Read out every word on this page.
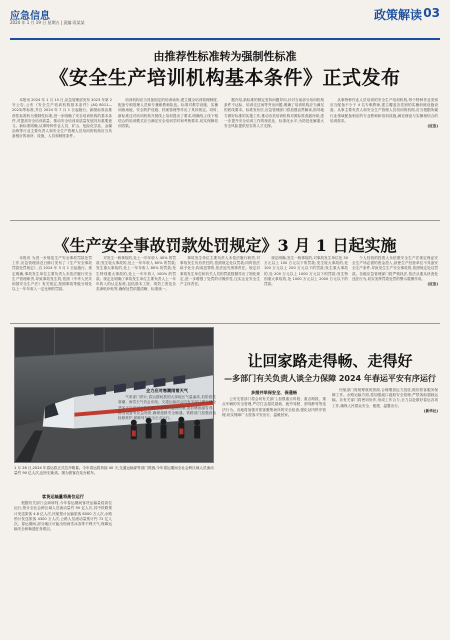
应急信息
2024 年 1 月 19 日 星期五 | 责编:袁某某
政策解读 03
由推荐性标准转为强制性标准
《安全生产培训机构基本条件》正式发布

本报讯 2024 年 1 月 15 日,应急管理部发布 2023 年第 2 号公告,公布《安全生产培训机构基本条件》(AQ 8011—2023)等标准,并自 2024 年 7 月 1 日起施行。新版标准由推荐性标准转为强制性标准,进一步明确了安全培训机构的基本条件,对提高安全培训质量、推动安全培训高质量发展具有重要意义。新标准明确,从事特种作业人员、矿山、危险化学品、金属冶炼等行业主要负责人和安全生产管理人员培训的机构应当具备相应的场所、设施、人员和制度条件。

培训机构应当具备固定的培训场所,建立健全培训管理制度,配备专职管理人员和专兼职教师队伍。标准对教学设施、实操训练场地、安全防护设施、档案管理等作出了具体规定。同时,新标准还对培训机构开展线上培训提出了要求,明确线上线下相结合的培训模式应当满足安全培训学时和考核要求,切实保障培训效果。

据介绍,新标准的制定坚持问题导向,针对当前部分培训机构条件不达标、培训走过场等突出问题,明确了培训机构应当满足的底线要求。标准发布后,应急管理部门将加强宣贯解读,指导地方做好标准的实施工作,推动各类培训机构对照标准查漏补缺,进一步提升安全培训工作的规范化、标准化水平,为防范化解重大安全风险提供坚实的人才支撑。

从事特种作业人员培训的安全生产培训机构,每个特种作业类别应当配备不少于 4 名专职教师,建立覆盖各类别的实操训练设施设备。从事主要负责人和安全生产管理人员培训的机构,应当根据所属行业领域配备相应的专业教师和培训设施,满足理论与实操相结合的培训需求。

(应急)

《生产安全事故罚款处罚规定》3 月 1 日起实施

本报讯 为进一步规范生产安全事故罚款处罚工作,应急管理部近日修订发布了《生产安全事故罚款处罚规定》,自 2024 年 3 月 1 日起施行。规定明确,事故发生单位主要负责人未依法履行安全生产管理职责,导致事故发生的,依照《中华人民共和国安全生产法》有关规定,按照事故等级分别处以上一年年收入一定比例的罚款。

对发生一般事故的,处上一年年收入 40% 的罚款;发生较大事故的,处上一年年收入 60% 的罚款;发生重大事故的,处上一年年收入 80% 的罚款;发生特别重大事故的,处上一年年收入 100% 的罚款。规定还明确了事故发生单位主要负责人上一年年收入的认定标准,包括基本工资、绩效工资及各类津贴补贴等,确保处罚依据清晰、标准统一。

事故发生单位主要负责人未依法履行职责,对事故发生负有责任的,依照规定处以罚款;同时依法给予处分,构成犯罪的,依法追究刑事责任。规定对事故发生单位和有关人员的罚款数额作出了细化规定,进一步增强了处罚的可操作性,压实企业安全生产主体责任。

规定明确,发生一般事故的,对事故发生单位处 30 万元以上 100 万元以下的罚款;发生较大事故的,处 100 万元以上 200 万元以下的罚款;发生重大事故的,处 200 万元以上 1000 万元以下的罚款;发生特别重大事故的,处 1000 万元以上 2000 万元以下的罚款。

个人经营的投资人未依照安全生产法规定保证安全生产所必需的资金投入,致使生产经营单位不具备安全生产条件,导致发生生产安全事故的,依照规定处以罚款。各级应急管理部门将严格执法,依法从重从快查处违法行为,切实发挥罚款处罚的警示震慑作用。

(应急)

让回家路走得畅、走得好
—多部门有关负责人谈全力保障 2024 年春运平安有序运行
1 月 26 日,2024 年春运将正式拉开帷幕。今年春运将持续 40 天,交通运输部等部门预测,今年春运期间全社会跨区域人员流动量约 90 亿人次,创历史新高。图为旅客在站台候车。

客货运输量将高位运行

根据有关部门会商研判,今年春运期间客货运输量将高位运行,预计全社会跨区域人员流动量约 90 亿人次,其中铁路预计发送旅客 4.8 亿人次,民航预计运输旅客 8000 万人次,水路预计发送旅客 4300 万人次,公路人员流动量预计约 72 亿人次。春运期间,部分地区可能出现雨雪冰冻等不利天气,保障运输安全和畅通任务艰巨。

全力应对寒潮雨雪天气

气象部门预计,春运期间我国大部地区气温偏高,但阶段性寒潮、雨雪天气仍会出现。交通运输部会同有关部门建立健全恶劣天气应对工作机制,加强路网监测预警,提前储备融雪剂、除雪设备等应急物资,确保道路安全畅通。铁路部门加强设备检修养护,保障列车安全正点运行。

多措并举保安全、保通畅

公安交管部门将会同有关部门,加强重点时段、重点路段、重点车辆的安全管理,严厉打击超员超载、疲劳驾驶、酒驾醉驾等违法行为。各地将加强对旅客聚集场所的安全检查,强化站内秩序管理,切实保障广大旅客平安出行、温暖回家。

民航部门将统筹航班资源,合理增加运力投放,做好旅客服务保障工作。水路运输方面,将加强渡口渡船安全管理,严禁客船超载运输。各有关部门将密切协作,形成工作合力,全力以赴做好春运各项工作,确保人民群众安全、便捷、温馨出行。

(新华社)
